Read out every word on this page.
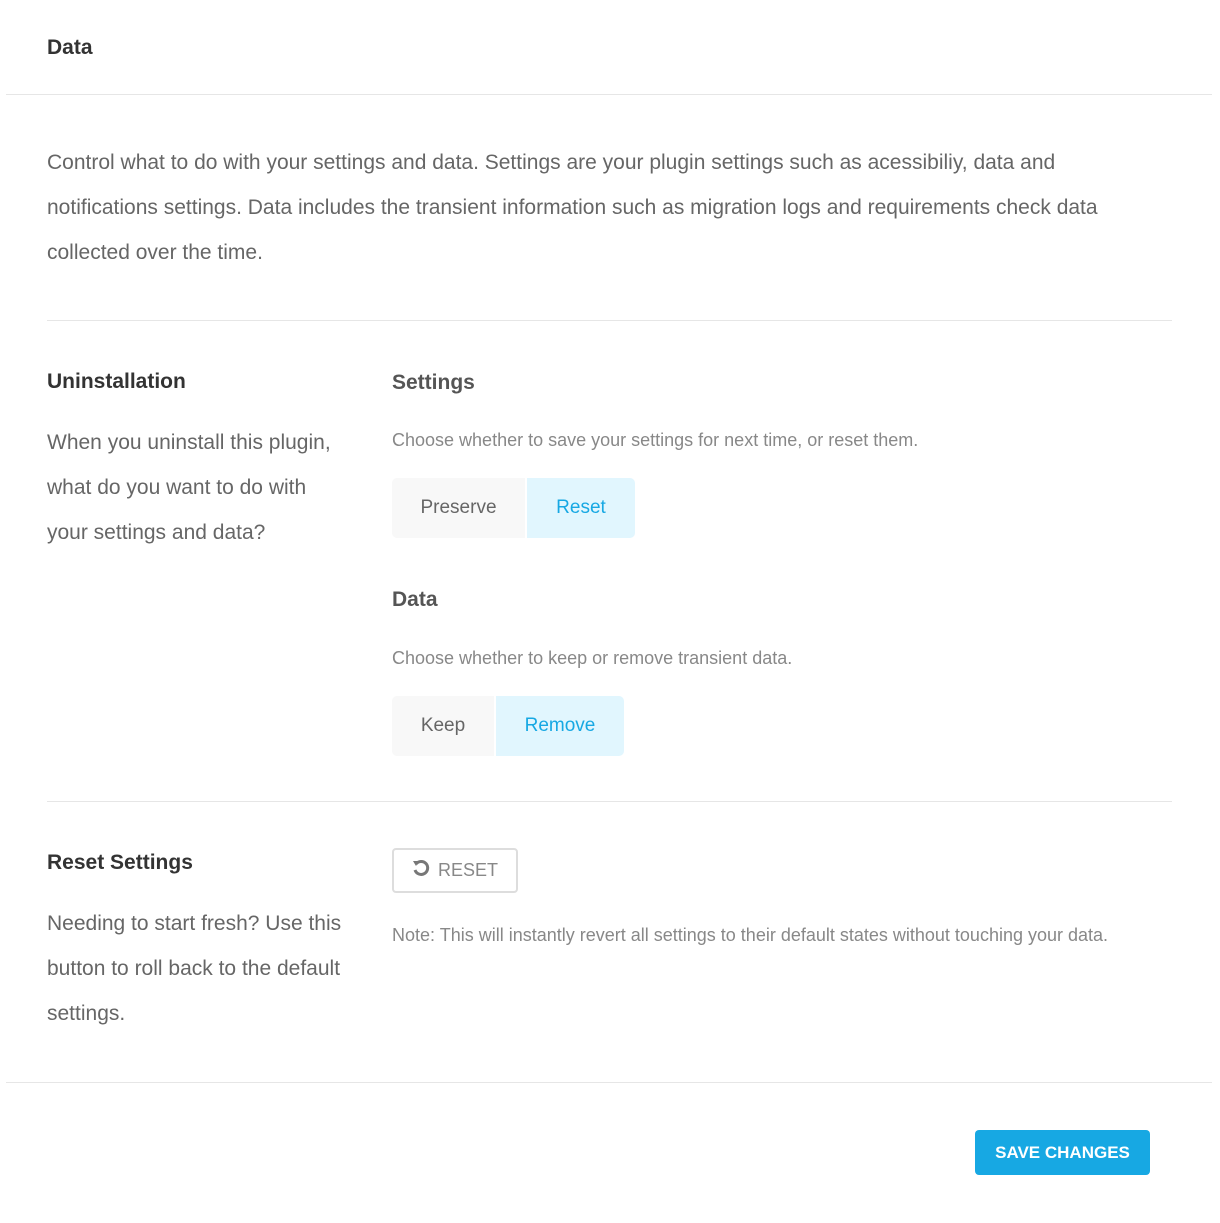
Data

Control what to do with your settings and data. Settings are your plugin settings such as acessibiliy, data and notifications settings. Data includes the transient information such as migration logs and requirements check data collected over the time.

Uninstallation

When you uninstall this plugin, what do you want to do with your settings and data?

Settings
Choose whether to save your settings for next time, or reset them.
Preserve	Reset
Data
Choose whether to keep or remove transient data.
Keep	Remove
Reset Settings

Needing to start fresh? Use this button to roll back to the default settings.

RESET
Note: This will instantly revert all settings to their default states without touching your data.
SAVE CHANGES
